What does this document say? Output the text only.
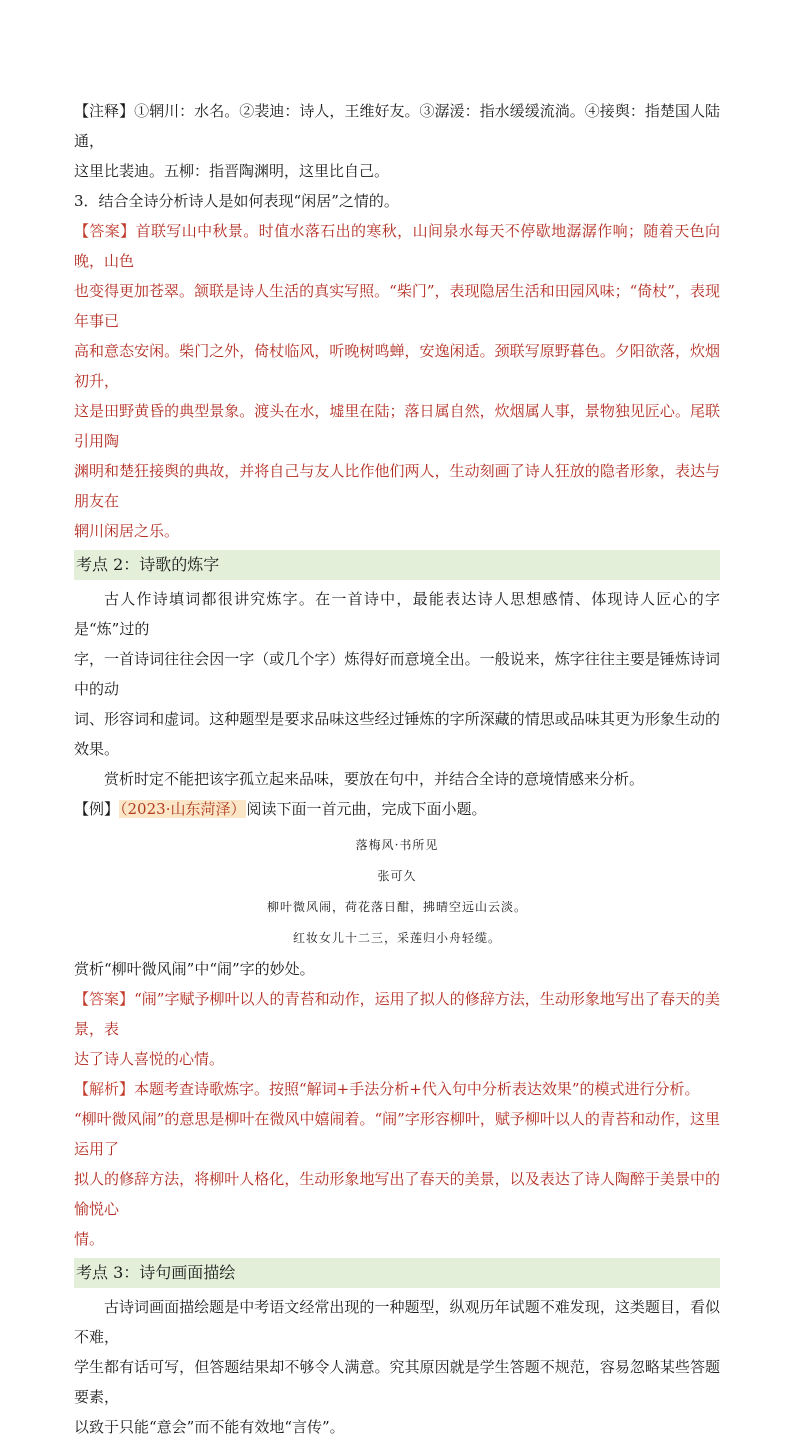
【注释】①辋川：水名。②裴迪：诗人，王维好友。③潺湲：指水缓缓流淌。④接舆：指楚国人陆通，

这里比裴迪。五柳：指晋陶渊明，这里比自己。

3．结合全诗分析诗人是如何表现“闲居”之情的。

【答案】首联写山中秋景。时值水落石出的寒秋，山间泉水每天不停歇地潺潺作响；随着天色向晚，山色

也变得更加苍翠。颔联是诗人生活的真实写照。“柴门”，表现隐居生活和田园风味；“倚杖”，表现年事已

高和意态安闲。柴门之外，倚杖临风，听晚树鸣蝉，安逸闲适。颈联写原野暮色。夕阳欲落，炊烟初升，

这是田野黄昏的典型景象。渡头在水，墟里在陆；落日属自然，炊烟属人事，景物独见匠心。尾联引用陶

渊明和楚狂接舆的典故，并将自己与友人比作他们两人，生动刻画了诗人狂放的隐者形象，表达与朋友在

辋川闲居之乐。

考点 2：诗歌的炼字

古人作诗填词都很讲究炼字。在一首诗中，最能表达诗人思想感情、体现诗人匠心的字是“炼”过的

字，一首诗词往往会因一字（或几个字）炼得好而意境全出。一般说来，炼字往往主要是锤炼诗词中的动

词、形容词和虚词。这种题型是要求品味这些经过锤炼的字所深藏的情思或品味其更为形象生动的效果。

赏析时定不能把该字孤立起来品味，要放在句中，并结合全诗的意境情感来分析。

【例】（2023·山东菏泽）阅读下面一首元曲，完成下面小题。

落梅风·书所见

张可久

柳叶微风闹，荷花落日酣，拂晴空远山云淡。

红妆女儿十二三，采莲归小舟轻缆。

赏析“柳叶微风闹”中“闹”字的妙处。

【答案】“闹”字赋予柳叶以人的青苔和动作，运用了拟人的修辞方法，生动形象地写出了春天的美景，表

达了诗人喜悦的心情。

【解析】本题考查诗歌炼字。按照“解词+手法分析+代入句中分析表达效果”的模式进行分析。

“柳叶微风闹”的意思是柳叶在微风中嬉闹着。“闹”字形容柳叶，赋予柳叶以人的青苔和动作，这里运用了

拟人的修辞方法，将柳叶人格化，生动形象地写出了春天的美景，以及表达了诗人陶醉于美景中的愉悦心

情。

考点 3：诗句画面描绘

古诗词画面描绘题是中考语文经常出现的一种题型，纵观历年试题不难发现，这类题目，看似不难，

学生都有话可写，但答题结果却不够令人满意。究其原因就是学生答题不规范，容易忽略某些答题要素，

以致于只能“意会”而不能有效地“言传”。
